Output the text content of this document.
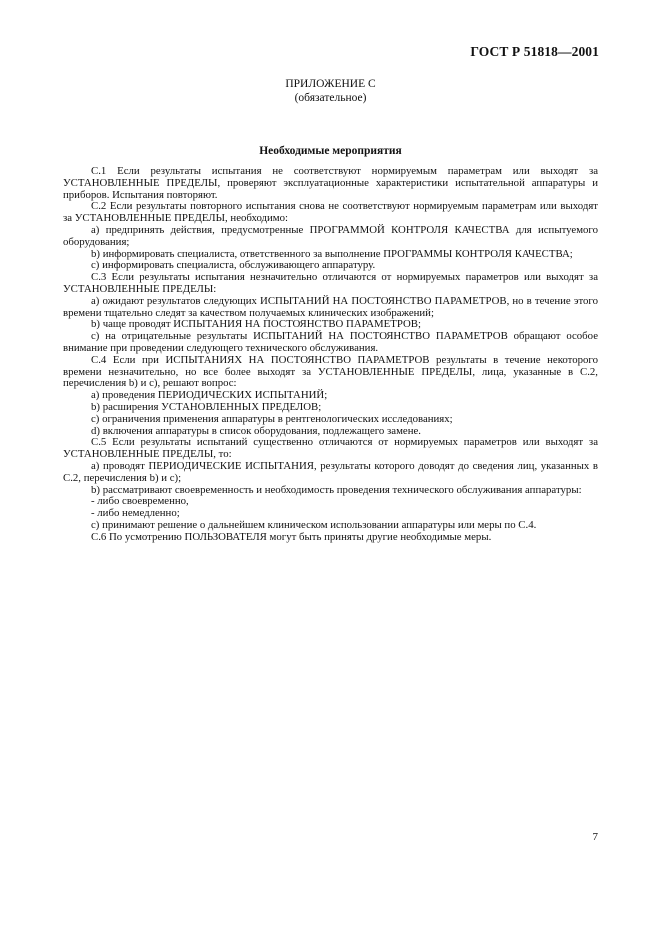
ГОСТ Р 51818—2001
ПРИЛОЖЕНИЕ С
(обязательное)
Необходимые мероприятия

С.1 Если результаты испытания не соответствуют нормируемым параметрам или выходят за УСТАНОВЛЕННЫЕ ПРЕДЕЛЫ, проверяют эксплуатационные характеристики испытательной аппаратуры и приборов. Испытания повторяют.

С.2 Если результаты повторного испытания снова не соответствуют нормируемым параметрам или выходят за УСТАНОВЛЕННЫЕ ПРЕДЕЛЫ, необходимо:

а) предпринять действия, предусмотренные ПРОГРАММОЙ КОНТРОЛЯ КАЧЕСТВА для испытуемого оборудования;

b) информировать специалиста, ответственного за выполнение ПРОГРАММЫ КОНТРОЛЯ КАЧЕСТВА;

с) информировать специалиста, обслуживающего аппаратуру.

С.3 Если результаты испытания незначительно отличаются от нормируемых параметров или выходят за УСТАНОВЛЕННЫЕ ПРЕДЕЛЫ:

а) ожидают результатов следующих ИСПЫТАНИЙ НА ПОСТОЯНСТВО ПАРАМЕТРОВ, но в течение этого времени тщательно следят за качеством получаемых клинических изображений;

b) чаще проводят ИСПЫТАНИЯ НА ПОСТОЯНСТВО ПАРАМЕТРОВ;

с) на отрицательные результаты ИСПЫТАНИЙ НА ПОСТОЯНСТВО ПАРАМЕТРОВ обращают особое внимание при проведении следующего технического обслуживания.

С.4 Если при ИСПЫТАНИЯХ НА ПОСТОЯНСТВО ПАРАМЕТРОВ результаты в течение некоторого времени незначительно, но все более выходят за УСТАНОВЛЕННЫЕ ПРЕДЕЛЫ, лица, указанные в С.2, перечисления b) и с), решают вопрос:

а) проведения ПЕРИОДИЧЕСКИХ ИСПЫТАНИЙ;

b) расширения УСТАНОВЛЕННЫХ ПРЕДЕЛОВ;

с) ограничения применения аппаратуры в рентгенологических исследованиях;

d) включения аппаратуры в список оборудования, подлежащего замене.

С.5 Если результаты испытаний существенно отличаются от нормируемых параметров или выходят за УСТАНОВЛЕННЫЕ ПРЕДЕЛЫ, то:

а) проводят ПЕРИОДИЧЕСКИЕ ИСПЫТАНИЯ, результаты которого доводят до сведения лиц, указанных в С.2, перечисления b) и с);

b) рассматривают своевременность и необходимость проведения технического обслуживания аппаратуры:

- либо своевременно,

- либо немедленно;

с) принимают решение о дальнейшем клиническом использовании аппаратуры или меры по С.4.

С.6 По усмотрению ПОЛЬЗОВАТЕЛЯ могут быть приняты другие необходимые меры.

7
